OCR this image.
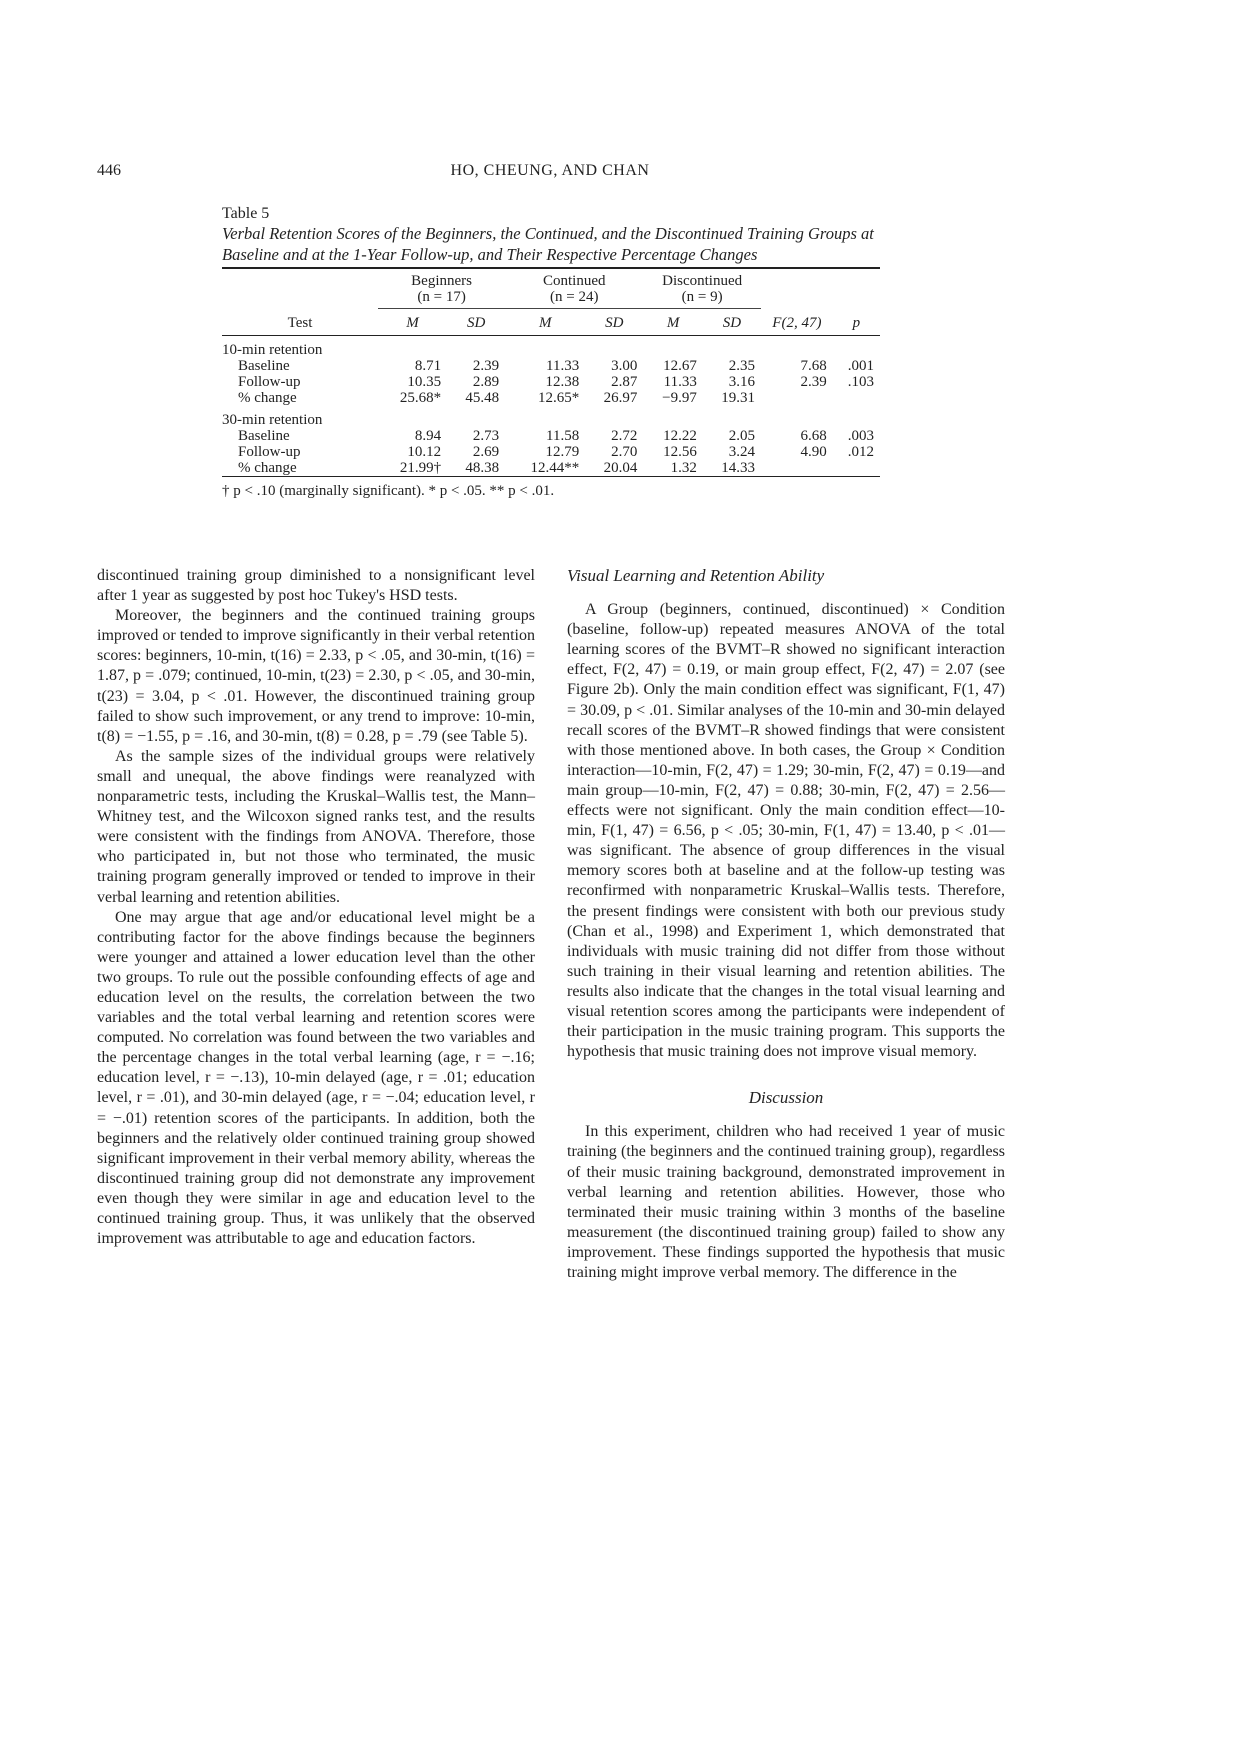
446	HO, CHEUNG, AND CHAN
Table 5
Verbal Retention Scores of the Beginners, the Continued, and the Discontinued Training Groups at Baseline and at the 1-Year Follow-up, and Their Respective Percentage Changes
	Beginners
(n = 17)		Continued
(n = 24)		Discontinued
(n = 9)			
Test	M	SD	M	SD	M	SD	F(2, 47)	p
10-min retention								
Baseline	8.71	2.39	11.33	3.00	12.67	2.35	7.68	.001
Follow-up	10.35	2.89	12.38	2.87	11.33	3.16	2.39	.103
% change	25.68*	45.48	12.65*	26.97	−9.97	19.31		
30-min retention								
Baseline	8.94	2.73	11.58	2.72	12.22	2.05	6.68	.003
Follow-up	10.12	2.69	12.79	2.70	12.56	3.24	4.90	.012
% change	21.99†	48.38	12.44**	20.04	1.32	14.33		
† p < .10 (marginally significant). * p < .05. ** p < .01.

discontinued training group diminished to a nonsignificant level after 1 year as suggested by post hoc Tukey's HSD tests.

Moreover, the beginners and the continued training groups improved or tended to improve significantly in their verbal retention scores: beginners, 10-min, t(16) = 2.33, p < .05, and 30-min, t(16) = 1.87, p = .079; continued, 10-min, t(23) = 2.30, p < .05, and 30-min, t(23) = 3.04, p < .01. However, the discontinued training group failed to show such improvement, or any trend to improve: 10-min, t(8) = −1.55, p = .16, and 30-min, t(8) = 0.28, p = .79 (see Table 5).

As the sample sizes of the individual groups were relatively small and unequal, the above findings were reanalyzed with nonparametric tests, including the Kruskal–Wallis test, the Mann–Whitney test, and the Wilcoxon signed ranks test, and the results were consistent with the findings from ANOVA. Therefore, those who participated in, but not those who terminated, the music training program generally improved or tended to improve in their verbal learning and retention abilities.

One may argue that age and/or educational level might be a contributing factor for the above findings because the beginners were younger and attained a lower education level than the other two groups. To rule out the possible confounding effects of age and education level on the results, the correlation between the two variables and the total verbal learning and retention scores were computed. No correlation was found between the two variables and the percentage changes in the total verbal learning (age, r = −.16; education level, r = −.13), 10-min delayed (age, r = .01; education level, r = .01), and 30-min delayed (age, r = −.04; education level, r = −.01) retention scores of the participants. In addition, both the beginners and the relatively older continued training group showed significant improvement in their verbal memory ability, whereas the discontinued training group did not demonstrate any improvement even though they were similar in age and education level to the continued training group. Thus, it was unlikely that the observed improvement was attributable to age and education factors.

Visual Learning and Retention Ability

A Group (beginners, continued, discontinued) × Condition (baseline, follow-up) repeated measures ANOVA of the total learning scores of the BVMT–R showed no significant interaction effect, F(2, 47) = 0.19, or main group effect, F(2, 47) = 2.07 (see Figure 2b). Only the main condition effect was significant, F(1, 47) = 30.09, p < .01. Similar analyses of the 10-min and 30-min delayed recall scores of the BVMT–R showed findings that were consistent with those mentioned above. In both cases, the Group × Condition interaction—10-min, F(2, 47) = 1.29; 30-min, F(2, 47) = 0.19—and main group—10-min, F(2, 47) = 0.88; 30-min, F(2, 47) = 2.56—effects were not significant. Only the main condition effect—10-min, F(1, 47) = 6.56, p < .05; 30-min, F(1, 47) = 13.40, p < .01—was significant. The absence of group differences in the visual memory scores both at baseline and at the follow-up testing was reconfirmed with nonparametric Kruskal–Wallis tests. Therefore, the present findings were consistent with both our previous study (Chan et al., 1998) and Experiment 1, which demonstrated that individuals with music training did not differ from those without such training in their visual learning and retention abilities. The results also indicate that the changes in the total visual learning and visual retention scores among the participants were independent of their participation in the music training program. This supports the hypothesis that music training does not improve visual memory.

Discussion

In this experiment, children who had received 1 year of music training (the beginners and the continued training group), regardless of their music training background, demonstrated improvement in verbal learning and retention abilities. However, those who terminated their music training within 3 months of the baseline measurement (the discontinued training group) failed to show any improvement. These findings supported the hypothesis that music training might improve verbal memory. The difference in the
